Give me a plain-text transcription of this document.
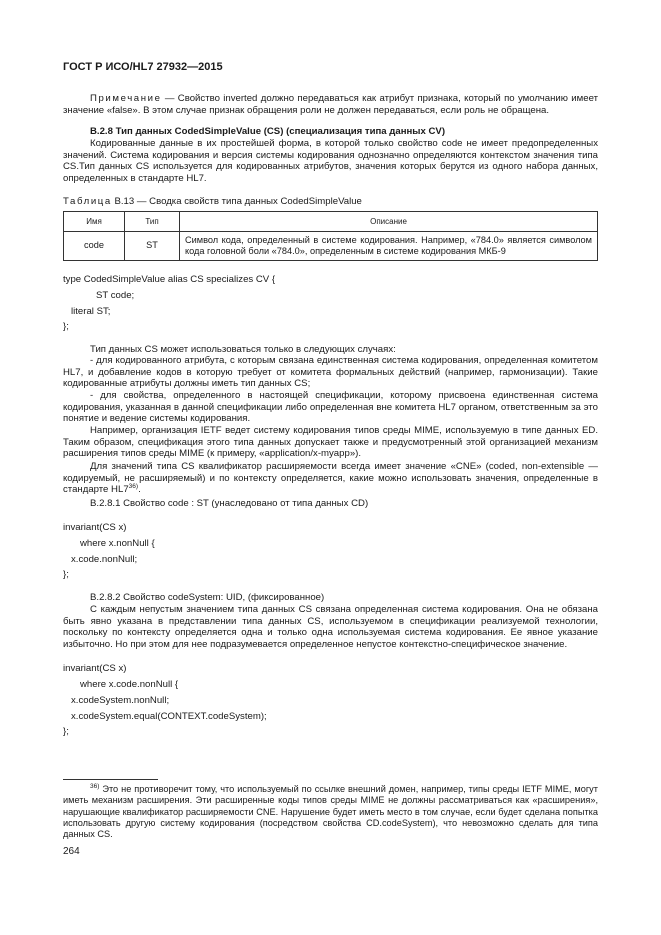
ГОСТ Р ИСО/HL7 27932—2015
Примечание — Свойство inverted должно передаваться как атрибут признака, который по умолчанию имеет значение «false». В этом случае признак обращения роли не должен передаваться, если роль не обращена.
B.2.8 Тип данных CodedSimpleValue (CS) (специализация типа данных CV)
Кодированные данные в их простейшей форма, в которой только свойство code не имеет предопределенных значений. Система кодирования и версия системы кодирования однозначно определяются контекстом значения типа CS.Тип данных CS используется для кодированных атрибутов, значения которых берутся из одного набора данных, определенных в стандарте HL7.
Таблица В.13 — Сводка свойств типа данных CodedSimpleValue
Имя	Тип	Описание
code	ST	Символ кода, определенный в системе кодирования. Например, «784.0» является символом кода головной боли «784.0», определенным в системе кодирования МКБ-9
type CodedSimpleValue alias CS specializes CV {
ST code;
literal ST;
};
Тип данных CS может использоваться только в следующих случаях:
- для кодированного атрибута, с которым связана единственная система кодирования, определенная комитетом HL7, и добавление кодов в которую требует от комитета формальных действий (например, гармонизации). Такие кодированные атрибуты должны иметь тип данных CS;
- для свойства, определенного в настоящей спецификации, которому присвоена единственная система кодирования, указанная в данной спецификации либо определенная вне комитета HL7 органом, ответственным за это понятие и ведение системы кодирования.
Например, организация IETF ведет систему кодирования типов среды MIME, используемую в типе данных ED. Таким образом, спецификация этого типа данных допускает также и предусмотренный этой организацией механизм расширения типов среды MIME (к примеру, «application/x-myapp»).
Для значений типа CS квалификатор расширяемости всегда имеет значение «CNE» (coded, non-extensible — кодируемый, не расширяемый) и по контексту определяется, какие можно использовать значения, определенные в стандарте HL7$^{36)}$.
B.2.8.1 Свойство code : ST (унаследовано от типа данных CD)
invariant(CS x)
where x.nonNull {
x.code.nonNull;
};
B.2.8.2 Свойство codeSystem: UID, (фиксированное)
С каждым непустым значением типа данных CS связана определенная система кодирования. Она не обязана быть явно указана в представлении типа данных CS, используемом в спецификации реализуемой технологии, поскольку по контексту определяется одна и только одна используемая система кодирования. Ее явное указание избыточно. Но при этом для нее подразумевается определенное непустое контекстно-специфическое значение.
invariant(CS x)
where x.code.nonNull {
x.codeSystem.nonNull;
x.codeSystem.equal(CONTEXT.codeSystem);
};
$^{36)}$ Это не противоречит тому, что используемый по ссылке внешний домен, например, типы среды IETF MIME, могут иметь механизм расширения. Эти расширенные коды типов среды MIME не должны рассматриваться как «расширения», нарушающие квалификатор расширяемости CNE. Нарушение будет иметь место в том случае, если будет сделана попытка использовать другую систему кодирования (посредством свойства CD.codeSystem), что невозможно сделать для типа данных CS.
264
